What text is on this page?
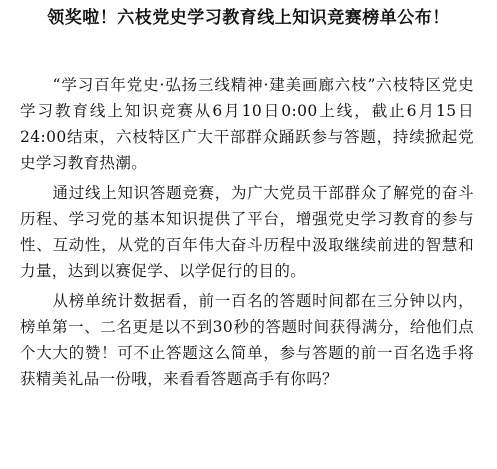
领奖啦！六枝党史学习教育线上知识竞赛榜单公布！

“学习百年党史·弘扬三线精神·建美画廊六枝”六枝特区党史学习教育线上知识竞赛从6月10日0:00上线，截止6月15日24:00结束，六枝特区广大干部群众踊跃参与答题，持续掀起党史学习教育热潮。

通过线上知识答题竞赛，为广大党员干部群众了解党的奋斗历程、学习党的基本知识提供了平台，增强党史学习教育的参与性、互动性，从党的百年伟大奋斗历程中汲取继续前进的智慧和力量，达到以赛促学、以学促行的目的。

从榜单统计数据看，前一百名的答题时间都在三分钟以内，榜单第一、二名更是以不到30秒的答题时间获得满分，给他们点个大大的赞！可不止答题这么简单，参与答题的前一百名选手将获精美礼品一份哦，来看看答题高手有你吗？
